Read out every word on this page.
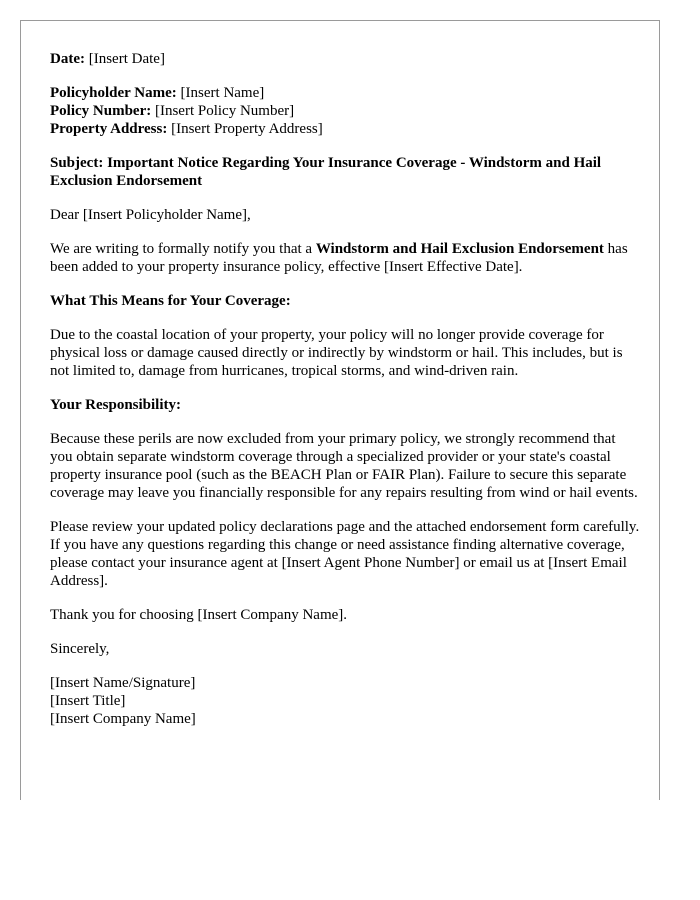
Date: [Insert Date]

Policyholder Name: [Insert Name]
Policy Number: [Insert Policy Number]
Property Address: [Insert Property Address]

Subject: Important Notice Regarding Your Insurance Coverage - Windstorm and Hail Exclusion Endorsement

Dear [Insert Policyholder Name],

We are writing to formally notify you that a Windstorm and Hail Exclusion Endorsement has been added to your property insurance policy, effective [Insert Effective Date].

What This Means for Your Coverage:

Due to the coastal location of your property, your policy will no longer provide coverage for physical loss or damage caused directly or indirectly by windstorm or hail. This includes, but is not limited to, damage from hurricanes, tropical storms, and wind-driven rain.

Your Responsibility:

Because these perils are now excluded from your primary policy, we strongly recommend that you obtain separate windstorm coverage through a specialized provider or your state's coastal property insurance pool (such as the BEACH Plan or FAIR Plan). Failure to secure this separate coverage may leave you financially responsible for any repairs resulting from wind or hail events.

Please review your updated policy declarations page and the attached endorsement form carefully. If you have any questions regarding this change or need assistance finding alternative coverage, please contact your insurance agent at [Insert Agent Phone Number] or email us at [Insert Email Address].

Thank you for choosing [Insert Company Name].

Sincerely,

[Insert Name/Signature]
[Insert Title]
[Insert Company Name]
